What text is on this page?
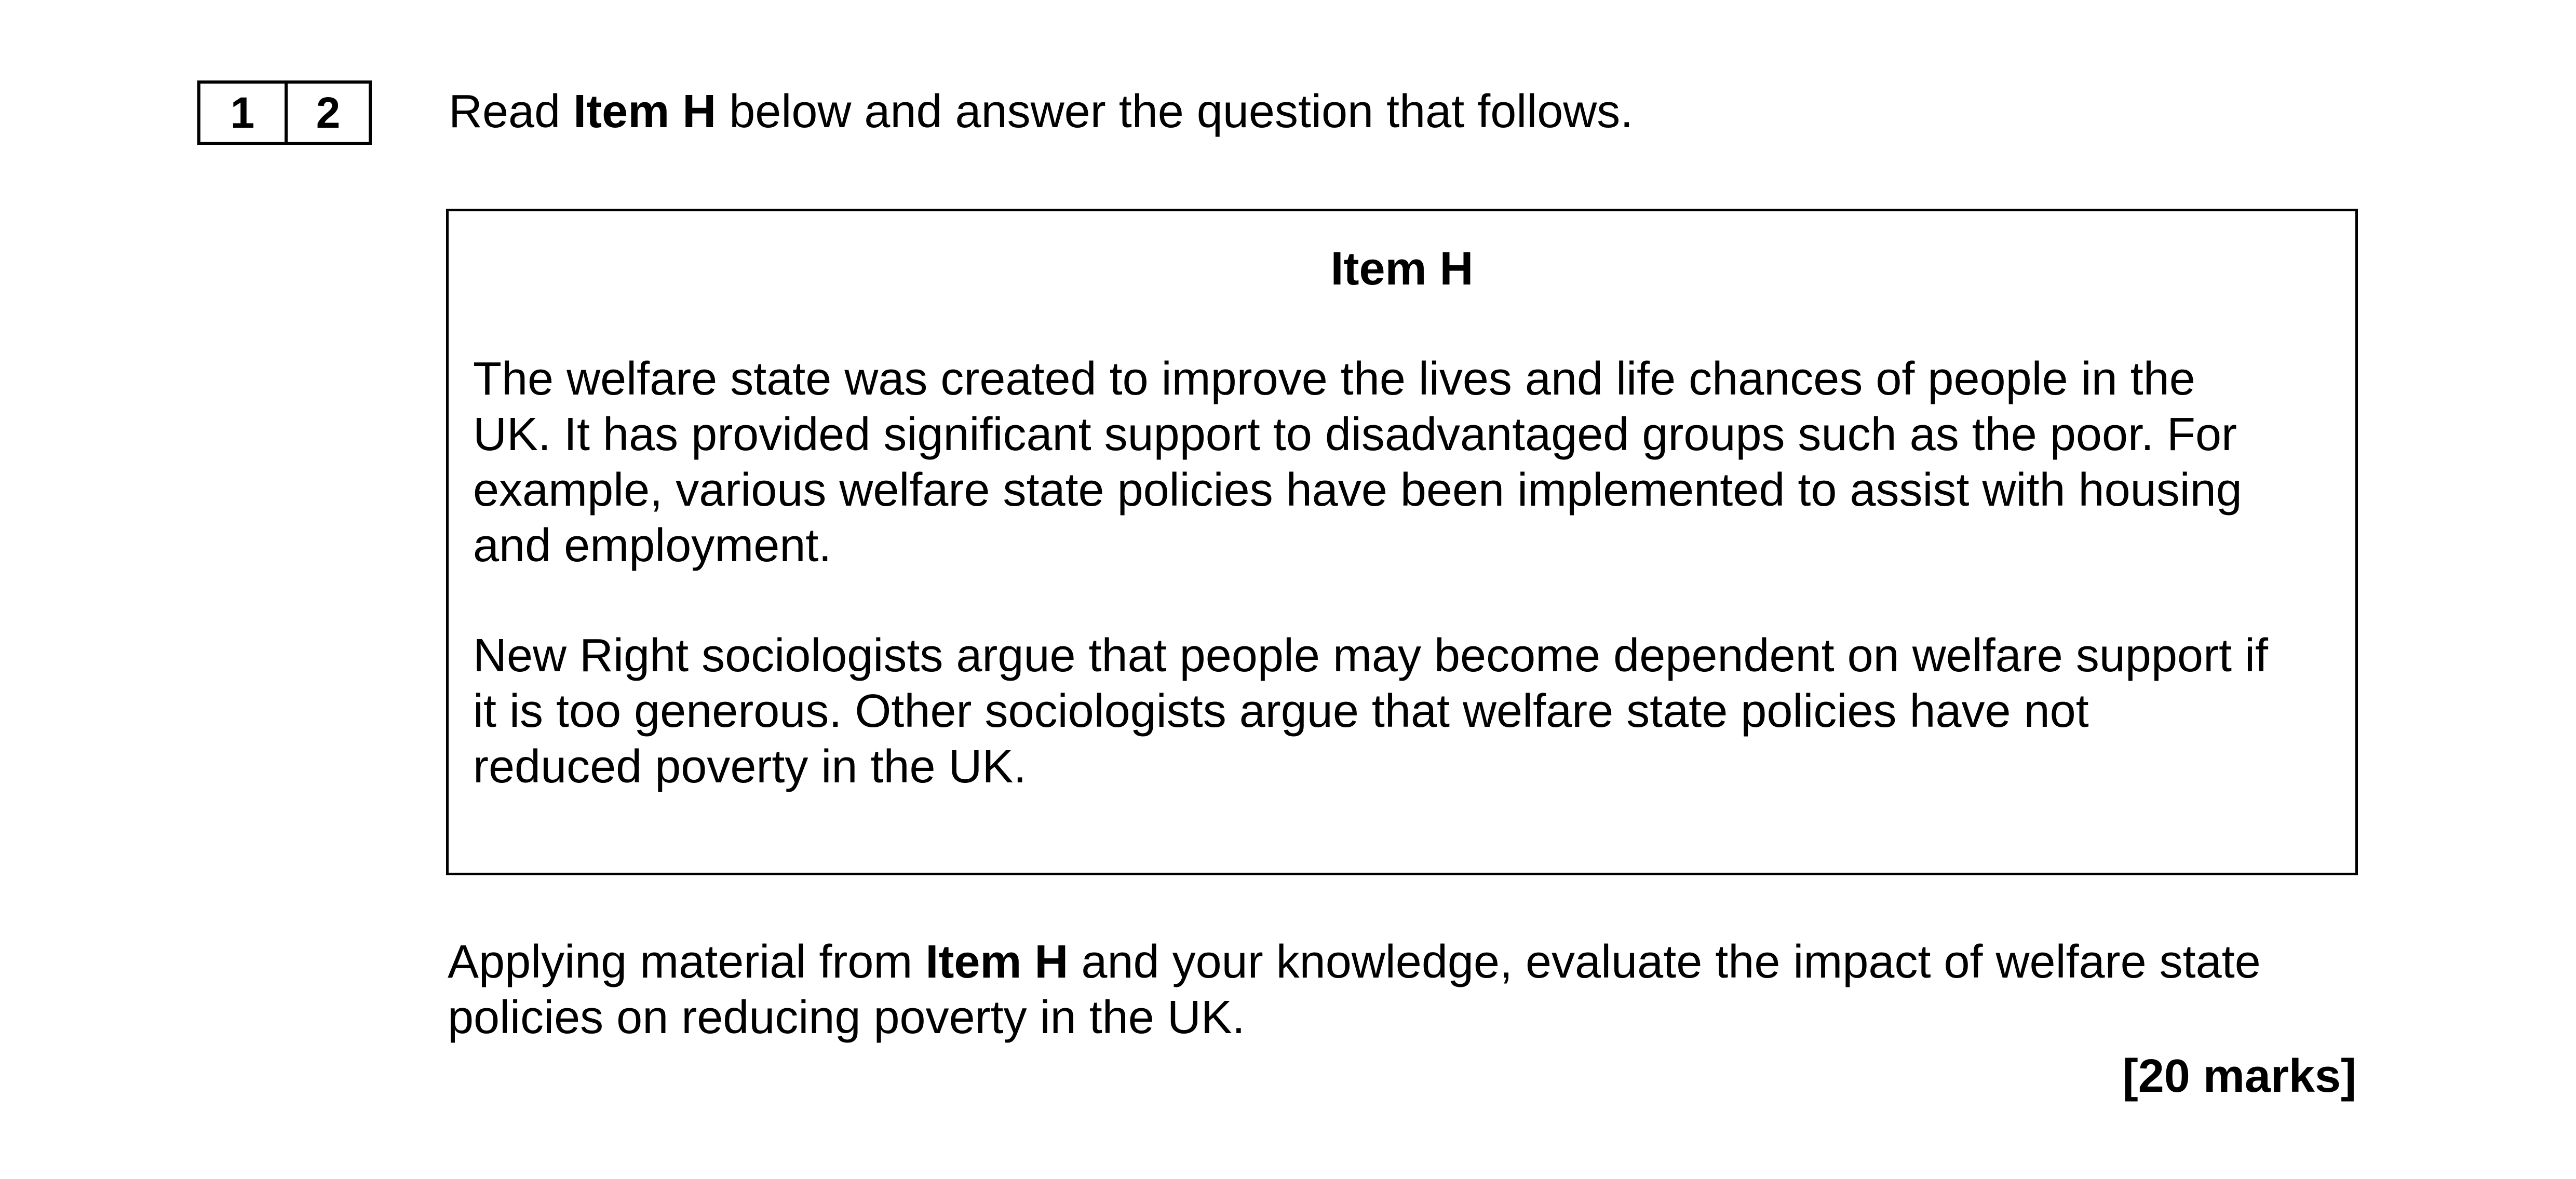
1	2	Read Item H below and answer the question that follows.
Item H

The welfare state was created to improve the lives and life chances of people in the
UK. It has provided significant support to disadvantaged groups such as the poor. For
example, various welfare state policies have been implemented to assist with housing
and employment.

New Right sociologists argue that people may become dependent on welfare support if
it is too generous. Other sociologists argue that welfare state policies have not
reduced poverty in the UK.

Applying material from Item H and your knowledge, evaluate the impact of welfare state
policies on reducing poverty in the UK.

[20 marks]
